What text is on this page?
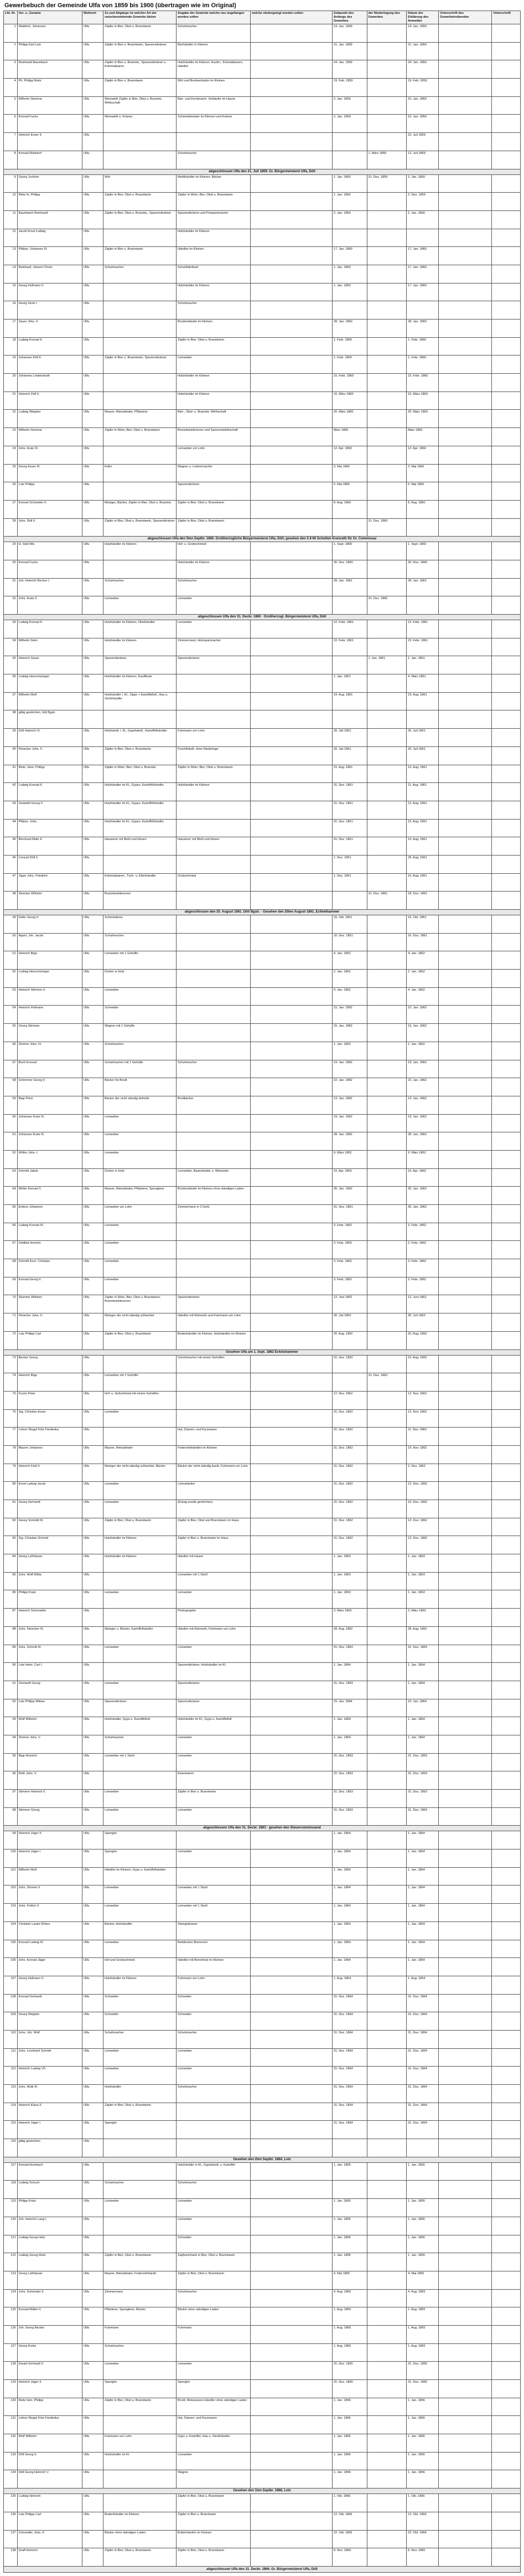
Gewerbebuch der Gemeinde Ulfa von 1859 bis 1900 (übertragen wie im Original)
Lfd. Nr.	Vor- u. Zuname	Wohnort	Zu und Abgänge ist welcher Art der zwischenstehende Gewerbe bisher	Angabe der Gewerbe welche neu angefangen worden sollen	welche niedergelegt worden sollen	Zeitpunkt des Anfangs des Gewerbes	der Niederlegung des Gewerbes	Datum der Erklärung des Anmelder	Unterschrift des Gewerbetreibenden	Unterschrift
1	Waldrich, Johannes	Ulfa	Zäpfer in Bier, Obst u. Branntwein	Schuhmacher		14. Jan. 1859		14. Jan. 1859		
2	Philipp Karl Lotz	Ulfa	Zäpfer in Bier u. Branntwein, Spezereikrämer	Bierhändler in Kleinen		21. Jan. 1859		21. Jan. 1859		
3	Reinhardt Baumbach	Ulfa	Zäpfer in Bier u. Branntw., Spezereikrämer u. Kolonialwaren	Holzhändler im Kleinen, Kaufm., Kolonialwaren, Händler		24. Jan. 1859		24. Jan. 1859		
4	Ph. Philipp Reitz	Ulfa	Zäpfer in Bier u. Branntwein	Wirt und Brodverkäufer im Kleinen		19. Feb. 1859		19. Feb. 1859		
5	Wilhelm Stumme	Ulfa	Weinwirth Zäpfer in Bier, Obst u. Branntw. Wirthschaft	Bier- und Kornbrannt. Verkäufer im Hause		2. Jan. 1859		10. Jan. 1859		
6	Konrad Fuchs	Ulfa	Weinwirth u. Krämer	Schmiedmeister im Kleinen und Krämer		2. Jan. 1859		15. Jan. 1859		
7	Heinrich Esser II.	Ulfa						22. Juli 1859		
8	Konrad Mützdorf	Ulfa		Schuhmacher			1. März 1859	12. Juli 1859		
abgeschlossen Ulfa den 21. Juli 1859. Gr. Bürgermeisterei Ulfa, Döll										
9	Georg Jochem	Ulfa	Wirt	Mehlhändler im Kleinen, Bäcker		1. Jan. 1860	31. Dez. 1859	3. Jan. 1860		
10	Rietz hr. Philipp	Ulfa	Zäpfer in Bier, Obst u. Branntwein	Zäpfer in Wein, Bier, Obst u. Branntwein		1. Jan. 1860		2. Dez. 1859		
11	Baumbach Reinhardt	Ulfa	Zäpfer in Bier, Obst u. Branntw., Spezereikrämer	Spezereikrämer und Pumpenmacher		2. Jan. 1860		2. Jan. 1860		
12	Jacob Ernst Ludwig	Ulfa		Holzhändler im Kleinen						
13	Pfälzer, Johannes III.	Ulfa	Zäpfer in Bier u. Branntwein	Händler im Kleinen		17. Jan. 1860		17. Jan. 1860		
14	Reinhard, Johann Christ.	Ulfa	Schuhmacher	Schuhfabrikant		1. Jan. 1860		17. Jan. 1860		
15	Georg Hofmann II.	Ulfa		Holzhändler im Kleinen		1. Jan. 1860		17. Jan. 1860		
16	Georg Greb I.	Ulfa		Schuhmacher						
17	Sauer Johs. II.	Ulfa		Brodverkäufer im Kleinen		28. Jan. 1860		28. Jan. 1860		
18	Ludwig Konrad II.	Ulfa		Zäpfer in Bier, Obst u. Branntwein		1. Febr. 1860		1. Febr. 1860		
19	Johannes Döll II.	Ulfa	Zäpfer in Bier u. Branntwein, Spezereikrämer	Leinweber		1. Febr. 1860		1. Febr. 1860		
20	Johannes Lindenstruth	Ulfa		Holzhändler im Kleinen		15. Febr. 1860		15. Febr. 1860		
21	Heinrich Döll II.	Ulfa		Holzhändler im Kleinen		16. März 1860		16. März 1860		
22	Ludwig Weppler	Ulfa	Maurer, Weissbinder, Pflästerer	Bier-, Obst- u. Branntw. Wirthschaft		20. März 1860		20. März 1860		
23	Wilhelm Stumme	Ulfa	Zäpfer in Wein, Bier, Obst u. Branntwein	Branntweinbrenner und Spezereiwirthschaft		März 1860		März 1860		
24	Johs. Kratz III.	Ulfa		Leinweber um Lohn		12. Apr. 1860		12. Apr. 1860		
25	Georg Esser III.	Ulfa	Küfer	Wagner u. Leiternmacher		3. Mai 1860		3. Mai 1860		
26	Lotz Philipp	Ulfa		Spezereikrämer		5. Mai 1860		5. Mai 1860		
27	Konrad Schneider II.	Ulfa	Metzger, Bäcker, Zäpfer in Bier, Obst u. Branntw.	Zäpfer in Bier, Obst u. Branntwein		8. Aug. 1860		8. Aug. 1860		
28	Johs. Döll II.	Ulfa	Zäpfer in Bier, Obst u. Branntwein, Spezereikrämer	Zäpfer in Bier, Obst u. Branntwein			31. Dez. 1860			
abgeschlossen Ulfa den 5ten Septbr. 1860. Großherzogliche Bürgermeisterei Ulfa, Döll; gesehen den 5 8 60 Schotten Kreisrath für Gr. Commissar										
29	H. Stoll Wb.	Ulfa	Holzhändler im Kleinen	Hof- u. Grobschmied		1. Sept. 1860		1. Sept. 1860		
30	Konrad Fuchs	Ulfa		Holzhändler im Kleinen		30. Dez. 1860		30. Dez. 1860		
31	Joh. Heinrich Becher I.	Ulfa	Schuhmacher	Schuhmacher		28. Jan. 1861		28. Jan. 1861		
32	Johs. Kratz II.	Ulfa	Leinweber	Leinweber			31. Dez. 1860			
abgeschlossen Ulfa den 31. Decbr. 1860 · Großherzogl. Bürgermeisterei Ulfa, Döll										
33	Ludwig Konrad II.	Ulfa	Holzhändler im Kleinen, Obsthändler	Leinweber		10. Febr. 1861		12. Febr. 1861		
34	Wilhelm Stein	Ulfa	Holzhändler im Kleinen	Zimmermann, Holzspanmacher		22. Febr. 1861		22. Febr. 1861		
35	Heinrich Sauer	Ulfa	Spezereikrämer	Spezereikrämer			1. Jan. 1861	1. Jan. 1861		
36	Ludwig Henscheringer	Ulfa	Holzhändler im Kleinen, Kauffleute			1. Jan. 1861		4. März 1861		
37	Wilhelm Wolf	Ulfa	Holzhändler i. Kl., Oppe + Kartoffelhdl., Hau u. Strohhändler			19. Aug. 1861		19. Aug. 1861		
38	gittig gestrichen, Gitt Bgstr.									
39	Döll Heinrich IV.	Ulfa	Holzhändl. i. Kl., Gypshändl., Kartoffelhändler	Fuhrmann um Lohn		30. Juli 1861		30. Juli 1861		
40	Fleischer Johs. II.	Ulfa	Zäpfer in Bier, Obst u. Branntwein	Fruchthändl. ohne Niederlage		20. Juli 1861		20. Juli 1861		
41	Reitz, Hein. Philipp	Ulfa	Zäpfer in Wein, Bier, Obst u. Branntw.	Zäpfer in Wein, Bier, Obst u. Branntwein		15. Aug. 1861		15. Aug. 1861		
42	Ludwig Konrad II.	Ulfa	Holzhändler im Kl., Gypsu. Kartoffelhändler	Holzhändler im Kleinen		31. Dez. 1861		11. Aug. 1861		
43	Grebeldi Georg V.	Ulfa	Holzhändler im Kl., Gypsu. Kartoffelhändler			31. Dez. 1861		12. Aug. 1861		
44	Pfälzer, Johs.	Ulfa	Holzhändler im Kl., Gypsu. Kartoffelhändler			31. Dez. 1861		15. Aug. 1861		
45	Bernhard Mahr II.	Ulfa	Hausierer mit Mehl und Hirsen	Hausierer mit Mehl und Hirsen		31. Dez. 1861		15. Aug. 1861		
46	Conrad Döll II.	Ulfa				1. Dez. 1861		29. Aug. 1861		
47	Jäger Johs. Friedrich	Ulfa	Kolonialwaren-, Tuch- u. Ellenhändler	Grobschmied		1. Dez. 1861		10. Aug. 1861		
48	Stumme Wilhelm	Ulfa	Branntweinbrenner				31. Dez. 1861	18. Dez. 1861		
abgeschlossen den 20. August 1861. Döll Bgstr. · Gesehen den 20ten August 1861, Eckhelhammer										
49	Hofer Georg II.	Ulfa	Schmiedeme			16. Okt. 1861		16. Okt. 1861		
50	Appel, Joh. Jacob	Ulfa	Schuhmacher			16. Dez. 1861		16. Dez. 1861		
51	Heinrich Bipp	Ulfa	Leinweber mit 1 Gehülfe			4. Jan. 1862		4. Jan. 1862		
52	Ludwig Henscheringer	Ulfa	Dreher in Holz			2. Jan. 1862		2. Jan. 1862		
53	Heinrich Stimmer II.	Ulfa	Leinweber			4. Jan. 1862		4. Jan. 1862		
54	Heinrich Hofmann	Ulfa	Schneider			15. Jan. 1862		15. Jan. 1862		
55	Georg Stimmer	Ulfa	Wagner mit 1 Gehülfe			15. Jan. 1862		15. Jan. 1862		
56	Zimmer Johs. IV.	Ulfa	Schuhmacher			1. Jan. 1862		1. Jan. 1862		
57	Buch Konrad	Ulfa	Schuhmacher mit 1 Gehülfe	Schuhmacher		19. Jan. 1862		19. Jan. 1862		
58	Schimmer Georg II.	Ulfa	Bäcker für Brodt			22. Jan. 1862		22. Jan. 1862		
59	Bipp Peter	Ulfa	Bäcker der nicht ständig betreibt	Brodbäcker		13. Jan. 1862		13. Jan. 1862		
60	Johannes Kratz IX.	Ulfa	Leinweber			19. Jan. 1862		19. Jan. 1862		
61	Johannes Kratz III.	Ulfa	Leinweber			28. Jan. 1862		28. Jan. 1862		
62	Wöller Johs. I.	Ulfa	Leinweber			9. März 1862		9. März 1862		
63	Schmitt Jakob	Ulfa	Dreher in Holz	Leinweber, Basenbinder u. Wetzstein		10. Apr. 1862		10. Apr. 1862		
64	Müller Konrad II.	Ulfa	Maurer, Weissbinder, Pflästerer, Spenglerer	Brodverkäufer im Kleinen ohne ständigen Laden		30. Jan. 1862		30. Jan. 1862		
65	Erdens Johannes	Ulfa	Leinweber um Lohn	Zimmermann in 2 Gehl.		31. Dez. 1861		30. Jan. 1862		
66	Ludwig Konrad IX.	Ulfa	Leinweber			3. Febr. 1862		3. Febr. 1862		
67	Gottlieb Henrich	Ulfa	Leinweber			3. Febr. 1862		3. Febr. 1862		
68	Schmitt Konr. Christian	Ulfa	Leinweber			3. Febr. 1862		3. Febr. 1862		
69	Konrad Georg II.	Ulfa	Leinweber			3. Febr. 1862		3. Febr. 1862		
70	Stumme Wilhelm	Ulfa	Zäpfer in Wein, Bier, Obst u. Branntwein, Branntweinbrenner	Spezereikrämer		12. Juni 1862		12. Juni 1862		
71	Fleischer Johs. II.	Ulfa	Metzger der nicht ständig schlachtet	Händler mit Kleinvieh und Fuhrmann um Lohn		30. Juli 1862		30. Juli 1862		
72	Lotz Philipp Carl	Ulfa	Zäpfer in Bier, Obst u. Branntwein	Bodenhändler im Kleinen, Holzhändler im Kleinen		20. Aug. 1862		20. Aug. 1862		
Gesehen Ulfa am 1. Sept. 1862 Eckelshammer										
73	Becker Georg	Ulfa		Schuhmacher mit einem Gehülfen		31. Dez. 1862		15. Aug. 1862		
74	Heinrich Bipp	Ulfa	Leinweber mit 1 Gehülfe				31. Dez. 1862			
75	Fuchs Peter	Ulfa	Hof- u. Hufschmied mit einem Gehülfen			12. Nov. 1862		12. Nov. 1862		
76	Sig. Christian Esser	Ulfa	Leinweber			31. Dez. 1862		12. Nov. 1862		
77	Lehrer Riegel Fritz Friederika	Ulfa		Hut, Damen- und Kurzwaren		31. Dez. 1862		11. Nov. 1862		
78	Maurer Johannes	Ulfa	Maurer, Weissbinder	Federviehhändler im Kleinen		31. Dez. 1862		19. Nov. 1862		
79	Heinrich Feld II.	Ulfa	Metzger der nicht ständig schlachtet, Bäcker	Bäcker der nicht ständig backt, Fuhrmann um Lohn		31. Dez. 1862		2. Dez. 1862		
80	Ernst Ludwig Jacob	Ulfa	Leinweber	Lohnarbeiter		31. Dez. 1862		12. Dez. 1862		
81	Georg Gerhardt	Ulfa	Leinweber	(Ertrag wurde gestrichen)		31. Dez. 1862		10. Dez. 1862		
82	Georg Schmidt III.	Ulfa	Zäpfer in Bier, Obst u. Branntwein	Zäpfer in Bier, Obst und Branntwein im Haus		31. Dez. 1862		12. Dez. 1862		
83	Sig. Christian Schmid	Ulfa	Holzhändler im Kleinen	Zäpfer in Bier u. Branntwein im Haus		31. Dez. 1862		12. Dez. 1862		
84	Georg Leithäuser	Ulfa	Holzhändler im Kleinen	Händler mit Hasen		1. Jan. 1863		1. Jan. 1863		
85	Johs. Wolf Wittw.	Ulfa		Leinweber mit 1 Stuhl		1. Jan. 1863		1. Jan. 1863		
86	Philipp Kratz	Ulfa	Leinweber	Leinweber		1. Jan. 1863		1. Jan. 1863		
87	Heinrich Schmoeller	Ulfa		Photographie		3. März 1863		3. März 1863		
88	Johs. Fleischer III.	Ulfa	Metzger u. Bäcker, Kartoffelhändler	Händler mit Kleinvieh, Fuhrmann um Lohn		28. Aug. 1862		28. Aug. 1862		
89	Johs. Schmitt III.	Ulfa	Leinweber	Leinweber		31. Dez. 1863		31. Dez. 1863		
90	Lotz Heinr. Carl I.	Ulfa		Spezereikrämer, Holzhändler im Kl.		1. Jan. 1864		1. Jan. 1864		
91	Gerhardt Georg	Ulfa	Leinweber	Spezereikrämer		31. Dez. 1863		1. Jan. 1864		
92	Lotz Philipp Wittwe	Ulfa	Spezereikrämer	Spezereikrämer		15. Jan. 1864		15. Jan. 1864		
93	Wolf Wilhelm	Ulfa	Holzhändler, Gyps u. Kartoffelhdl.	Holzhändler im Kl., Gyps u. Kartoffelhdl.		1. Jan. 1864		1. Jan. 1864		
94	Zimmer Johs. V.	Ulfa	Schuhmacher	Leinweber		1. Jan. 1864		1. Jan. 1864		
95	Bipp Heinrich	Ulfa	Leinweber mit 1 Stuhl	Leinweber		31. Dez. 1863		31. Dez. 1863		
96	Roth Johs. V.	Ulfa		Eisenwaren		31. Dez. 1863		31. Dez. 1863		
97	Stimmer Heinrich II.	Ulfa	Leinweber	Zäpfer in Bier u. Branntwein		31. Dez. 1863		31. Dez. 1863		
98	Stimmer Georg	Ulfa	Leinweber	Leinweber		31. Dez. 1863		31. Dez. 1863		
abgeschlossen Ulfa den 31. Decbr. 1863 · gesehen den Steuercommissarat										
99	Heinrich Jäger II.	Ulfa	Spengler			1. Jan. 1864		1. Jan. 1864		
100	Heinrich Jäger I.	Ulfa	Spengler	Leinweber		1. Jan. 1864		1. Jan. 1864		
101	Wilhelm Wolf	Ulfa	Händler im Kleinen, Gyps u. Kartoffelhändler			1. Jan. 1864		1. Jan. 1864		
102	Johs. Zimmer II.	Ulfa	Leinweber	Leinweber mit 1 Stuhl		1. Jan. 1864		1. Jan. 1864		
103	Johs. Frölich II.	Ulfa	Leinweber	Leinweber mit 1 Stuhl		1. Jan. 1864		1. Jan. 1864		
104	Christian Lauter Ehlers	Ulfa	Bäcker, Holzhändler	Steingutwaren		1. Jan. 1864		1. Jan. 1864		
105	Konrad Ludwig IX.	Ulfa	Leinweber	Bettdecken Brennerei		1. Jan. 1864		1. Jan. 1864		
106	Johs. Konrad Jäger	Ulfa	Hof und Grobschmied	Händler mit Brennholz im Kleinen		1. Jan. 1864		1. Jan. 1864		
107	Georg Hofmann II.	Ulfa	Holzhändler im Kleinen	Fuhrmann um Lohn		1. Aug. 1864		1. Aug. 1864		
108	Konrad Gerhardt	Ulfa	Schneider	Schneider		31. Dez. 1864		31. Dez. 1864		
109	Georg Weppler	Ulfa	Schneider	Schneider		31. Dez. 1864		31. Dez. 1864		
110	Johs. Joh. Wolf	Ulfa	Schuhmacher	Schuhmacher		31. Dez. 1864		31. Dez. 1864		
111	Johs. Leonhard Schmitt	Ulfa	Leinweber	Leinweber		31. Dez. 1864		31. Dez. 1864		
112	Heinrich Ludwig VII.	Ulfa	Leinweber	Leinweber		31. Dez. 1864		31. Dez. 1864		
113	Johs. Wolk III.	Ulfa	Holzhändler	Schuhmacher		31. Dez. 1864		31. Dez. 1864		
114	Heinrich Klaus II.	Ulfa	Zäpfer in Bier, Obst u. Branntwein			31. Dez. 1864		31. Dez. 1864		
115	Heinrich Jäger I.	Ulfa	Spengler			31. Dez. 1864		31. Dez. 1864		
116	gittig gestrichen	Ulfa								
Gesehen den 2ten Septbr. 1864, Lotz										
117	Konrad Hornbach	Ulfa		Holzhändler in Kl., Gypshändl. u. Kartoffel		1. Jan. 1865		1. Jan. 1865		
118	Ludwig Schuch	Ulfa	Schuhmacher	Schuhmacher						
119	Philipp Kratz	Ulfa	Leinweber	Leinweber		1. Jan. 1865		1. Jan. 1865		
120	Joh. Heinrich Lang I.	Ulfa		Leinweber		1. Jan. 1865		1. Jan. 1865		
121	Ludwig Georg Hetz	Ulfa		Schneider		1. Jan. 1865		1. Jan. 1865		
122	Ludwig Georg Reitz	Ulfa	Zäpfer in Bier, Obst u. Branntwein	Zapfenschank in Bier, Obst u. Branntwein		1. Jan. 1865		1. Jan. 1865		
123	Georg Leithäuser	Ulfa	Maurer, Weissbinder, Federviehhändl.	Zäpfer in Bier, Obst u. Branntwein		4. Mai 1865		4. Mai 1865		
124	Johs. Schneider II.	Ulfa	Zimmermann	Schuhmacher		4. Aug. 1865		4. Aug. 1865		
125	Konrad Müller II.	Ulfa	Pflästerer, Spenglerer, Bäcker	Bäcker ohne ständigen Laden		1. Aug. 1865		1. Aug. 1865		
126	Joh. Georg Becker	Ulfa	Fuhrmann	Fuhrmann		1. Aug. 1865		1. Aug. 1865		
127	Georg Krebs	Ulfa	Schuhmacher			1. Aug. 1865		1. Aug. 1865		
128	Daniel Gerhardt II.	Ulfa	Leinweber	Leinweber		31. Dez. 1865		31. Dez. 1865		
129	Heinrich Jäger II.	Ulfa	Spengler	Spengler		31. Dez. 1865		31. Dez. 1865		
130	Reitz hein. Philipp	Ulfa	Zäpfer in Bier, Obst u. Branntwein	Brodt, Weisswaren-Händler ohne ständigen Laden		1. Jan. 1866		1. Jan. 1866		
131	Lehrer Riegel Fritz Friederika	Ulfa		Hut, Damen- und Kurzwaren		1. Jan. 1866		1. Jan. 1866		
132	Wolf Wilhelm	Ulfa	Fuhrmann um Lohn	Gyps u. Kartoffel, Hau u. Strohhändler		1. Jan. 1866		1. Jan. 1866		
133	Döll Georg II.	Ulfa	Holzhändler im Kl.	Leinweber		1. Jan. 1866		1. Jan. 1866		
134	Döll Georg Heinrich V.	Ulfa		Wagner		1. Jan. 1866		1. Jan. 1866		
Gesehen den 1ten Septbr. 1866, Lotz										
135	Ludwig Heinrich	Ulfa		Zäpfer in Bier, Obst u. Branntwein		1. Okt. 1866		1. Okt. 1866		
136	Lotz Philipp Carl	Ulfa	Bodenhändler im Kleinen	Zäpfer in Bier u. Branntwein		12. Okt. 1866		12. Okt. 1866		
137	Schneider, Johs. II.	Ulfa	Bäcker ohne ständigen Laden	Butterhändler im Kleinen		22. Okt. 1866		22. Okt. 1866		
138	Graff Heinrich	Ulfa	Zäpfer in Bier, Obst u. Branntwein	Zäpfer in Bier, Obst u. Branntwein		8. Nov. 1866		8. Nov. 1866		
abgeschlossen Ulfa den 31. Decbr. 1866. Gr. Bürgermeisterei Ulfa, Döll
